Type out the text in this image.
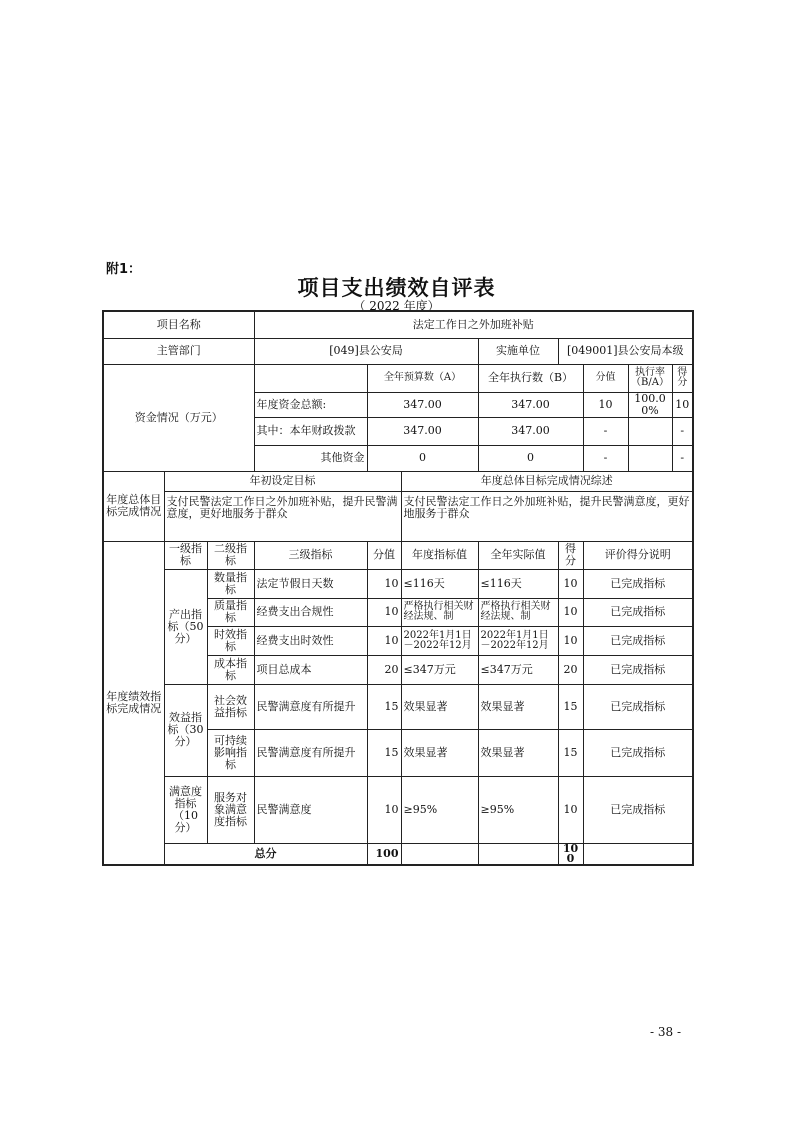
附1：
项目支出绩效自评表
（ 2022 年度）
项目名称			法定工作日之外加班补贴							
主管部门			[049]县公安局			实施单位	[049001]县公安局本级			
资金情况（万元）				全年预算数（A）		全年执行数（B）		分值	执行率（B/A）	得分
			年度资金总额:	347.00		347.00		10	100.00%	10
			其中：本年财政拨款	347.00		347.00		-		-
			其他资金	0		0		-		-
年度总体目标完成情况	年初设定目标				年度总体目标完成情况综述					
	支付民警法定工作日之外加班补贴，提升民警满意度，更好地服务于群众				支付民警法定工作日之外加班补贴，提升民警满意度，更好地服务于群众					
年度绩效指标完成情况	一级指标	二级指标	三级指标	分值	年度指标值	全年实际值	得分	评价得分说明		
	产出指标（50分）	数量指标	法定节假日天数	10	≤116天	≤116天	10	已完成指标		
		质量指标	经费支出合规性	10	严格执行相关财经法规、制	严格执行相关财经法规、制	10	已完成指标		
		时效指标	经费支出时效性	10	2022年1月1日－2022年12月	2022年1月1日－2022年12月	10	已完成指标		
		成本指标	项目总成本	20	≤347万元	≤347万元	20	已完成指标		
	效益指标（30分）	社会效益指标	民警满意度有所提升	15	效果显著	效果显著	15	已完成指标		
		可持续影响指标	民警满意度有所提升	15	效果显著	效果显著	15	已完成指标		
	满意度指标（10分）	服务对象满意度指标	民警满意度	10	≥95%	≥95%	10	已完成指标		
	总分			100			100			
- 38 -
